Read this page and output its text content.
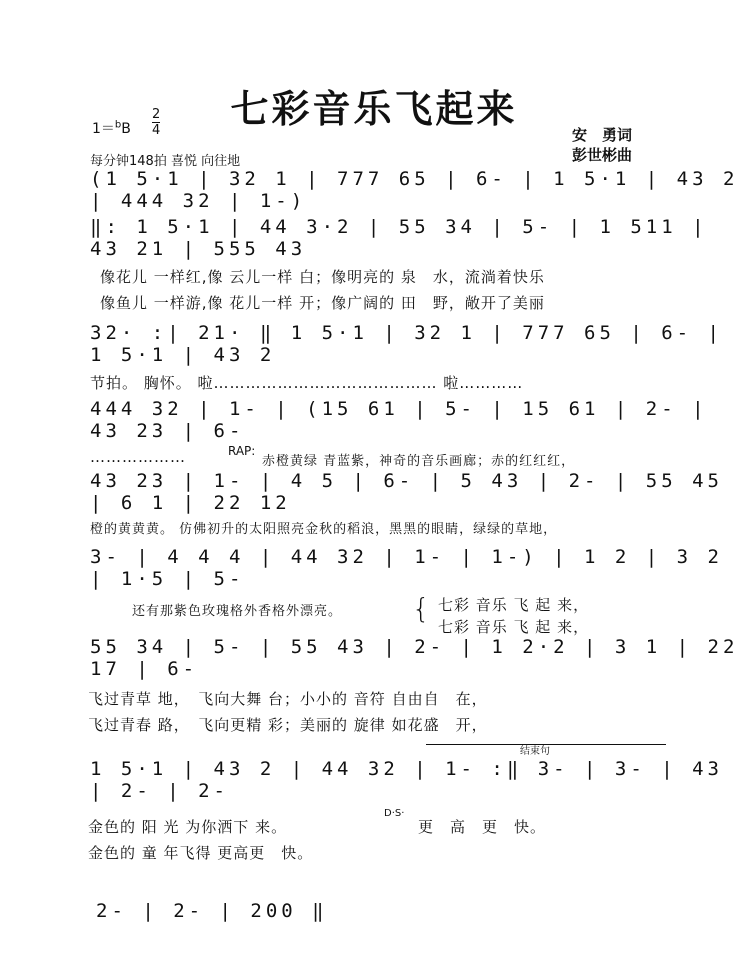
七彩音乐飞起来
1＝$^b$B
2
4	安　勇词
彭世彬曲
每分钟148拍 喜悦 向往地
(1 5·1 | 32 1 | 777 65 | 6- | 1 5·1 | 43 2 | 444 32 | 1-)
‖: 1 5·1 | 44 3·2 | 55 34 | 5- | 1 511 | 43 21 | 555 43
像花儿 一样红,像 云儿一样 白；像明亮的 泉　水，流淌着快乐
像鱼儿 一样游,像 花儿一样 开；像广阔的 田　野，敞开了美丽
32· :| 21· ‖ 1 5·1 | 32 1 | 777 65 | 6- | 1 5·1 | 43 2
节拍。 胸怀。 啦…………………………………… 啦…………
444 32 | 1- | (15 61 | 5- | 15 61 | 2- | 43 23 | 6-
………………	RAP:
赤橙黄绿 青蓝紫，神奇的音乐画廊；赤的红红红，
43 23 | 1- | 4 5 | 6- | 5 43 | 2- | 55 45 | 6 1 | 22 12
橙的黄黄黄。 仿佛初升的太阳照亮金秋的稻浪，黑黑的眼睛，绿绿的草地，
3- | 4 4 4 | 44 32 | 1- | 1-) | 1 2 | 3 2 | 1·5 | 5-
还有那紫色玫瑰格外香格外漂亮。 { 七彩 音乐 飞 起 来，
七彩 音乐 飞 起 来，
55 34 | 5- | 55 43 | 2- | 1 2·2 | 3 1 | 22 17 | 6-
飞过青草 地，　飞向大舞 台；小小的 音符 自由自　在，
飞过青春 路，　飞向更精 彩；美丽的 旋律 如花盛　开，
结束句
1 5·1 | 43 2 | 44 32 | 1- :‖ 3- | 3- | 43 | 2- | 2-
金色的 阳 光 为你洒下 来。
D·S·
更　高　更　快。
金色的 童 年飞得 更高更　快。
2- | 2- | 200 ‖
